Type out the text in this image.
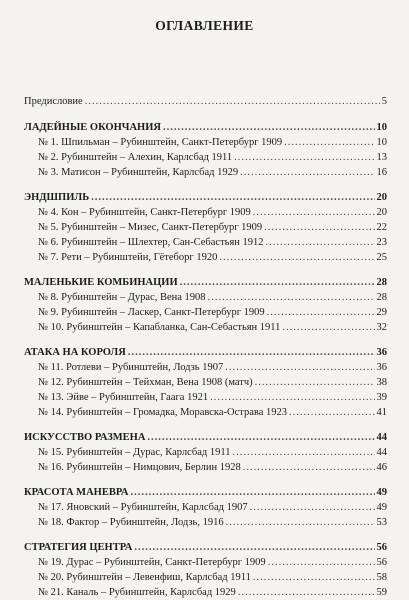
ОГЛАВЛЕНИЕ
Предисловие .....	5
ЛАДЕЙНЫЕ ОКОНЧАНИЯ .....	10
№ 1. Шпильман – Рубинштейн, Санкт-Петербург 1909 .....	10
№ 2. Рубинштейн – Алехин, Карлсбад 1911 .....	13
№ 3. Матисон – Рубинштейн, Карлсбад 1929 .....	16
ЭНДШПИЛЬ .....	20
№ 4. Кон – Рубинштейн, Санкт-Петербург 1909 .....	20
№ 5. Рубинштейн – Мизес, Санкт-Петербург 1909 .....	22
№ 6. Рубинштейн – Шлехтер, Сан-Себастьян 1912 .....	23
№ 7. Рети – Рубинштейн, Гётеборг 1920 .....	25
МАЛЕНЬКИЕ КОМБИНАЦИИ .....	28
№ 8. Рубинштейн – Дурас, Вена 1908 .....	28
№ 9. Рубинштейн – Ласкер, Санкт-Петербург 1909 .....	29
№ 10. Рубинштейн – Капабланка, Сан-Себастьян 1911 .....	32
АТАКА НА КОРОЛЯ .....	36
№ 11. Ротлеви – Рубинштейн, Лодзь 1907 .....	36
№ 12. Рубинштейн – Тейхман, Вена 1908 (матч) .....	38
№ 13. Эйве – Рубинштейн, Гаага 1921 .....	39
№ 14. Рубинштейн – Громадка, Моравска-Острава 1923 .....	41
ИСКУССТВО РАЗМЕНА .....	44
№ 15. Рубинштейн – Дурас, Карлсбад 1911 .....	44
№ 16. Рубинштейн – Нимцович, Берлин 1928 .....	46
КРАСОТА МАНЕВРА .....	49
№ 17. Яновский – Рубинштейн, Карлсбад 1907 .....	49
№ 18. Фактор – Рубинштейн, Лодзь, 1916 .....	53
СТРАТЕГИЯ ЦЕНТРА .....	56
№ 19. Дурас – Рубинштейн, Санкт-Петербург 1909 .....	56
№ 20. Рубинштейн – Левенфиш, Карлсбад 1911 .....	58
№ 21. Каналь – Рубинштейн, Карлсбад 1929 .....	59
